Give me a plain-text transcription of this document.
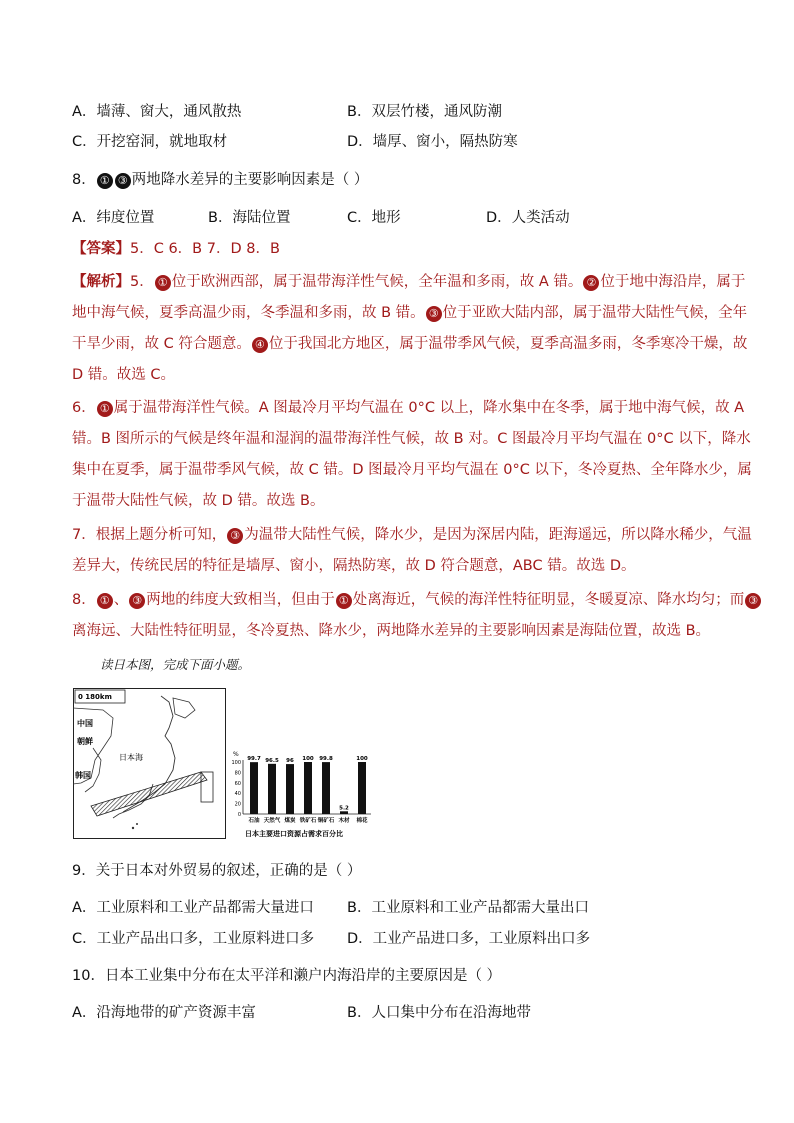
A．墙薄、窗大，通风散热	B．双层竹楼，通风防潮
C．开挖窑洞，就地取材	D．墙厚、窗小，隔热防寒
8． ① ③ 两地降水差异的主要影响因素是（ ）
A．纬度位置	B．海陆位置	C．地形	D．人类活动
【答案】5．C 6．B 7．D 8．B
【解析】5． ① 位于欧洲西部，属于温带海洋性气候，全年温和多雨，故 A 错。 ② 位于地中海沿岸，属于
地中海气候，夏季高温少雨，冬季温和多雨，故 B 错。 ③ 位于亚欧大陆内部，属于温带大陆性气候，全年
干旱少雨，故 C 符合题意。 ④ 位于我国北方地区，属于温带季风气候，夏季高温多雨，冬季寒冷干燥，故
D 错。故选 C。
6． ① 属于温带海洋性气候。A 图最冷月平均气温在 0°C 以上，降水集中在冬季，属于地中海气候，故 A
错。B 图所示的气候是终年温和湿润的温带海洋性气候，故 B 对。C 图最冷月平均气温在 0°C 以下，降水
集中在夏季，属于温带季风气候，故 C 错。D 图最冷月平均气温在 0°C 以下，冬冷夏热、全年降水少，属
于温带大陆性气候，故 D 错。故选 B。
7．根据上题分析可知， ③ 为温带大陆性气候，降水少，是因为深居内陆，距海遥远，所以降水稀少，气温
差异大，传统民居的特征是墙厚、窗小，隔热防寒，故 D 符合题意，ABC 错。故选 D。
8． ① 、 ③ 两地的纬度大致相当，但由于 ① 处离海近，气候的海洋性特征明显，冬暖夏凉、降水均匀；而 ③
离海远、大陆性特征明显，冬冷夏热、降水少，两地降水差异的主要影响因素是海陆位置，故选 B。
读日本图，完成下面小题。
0 180km
中国
朝鲜
韩国
日本海	%
0
20
40
60
80
100
99.7
石油
96.5
天然气
96
煤炭
100
铁矿石
99.8
铜矿石
5.2
木材
100
棉花
日本主要进口资源占需求百分比
9．关于日本对外贸易的叙述，正确的是（ ）
A．工业原料和工业产品都需大量进口 B．工业原料和工业产品都需大量出口
C．工业产品出口多，工业原料进口多 D．工业产品进口多，工业原料出口多
10．日本工业集中分布在太平洋和濑户内海沿岸的主要原因是（ ）
A．沿海地带的矿产资源丰富	B．人口集中分布在沿海地带
